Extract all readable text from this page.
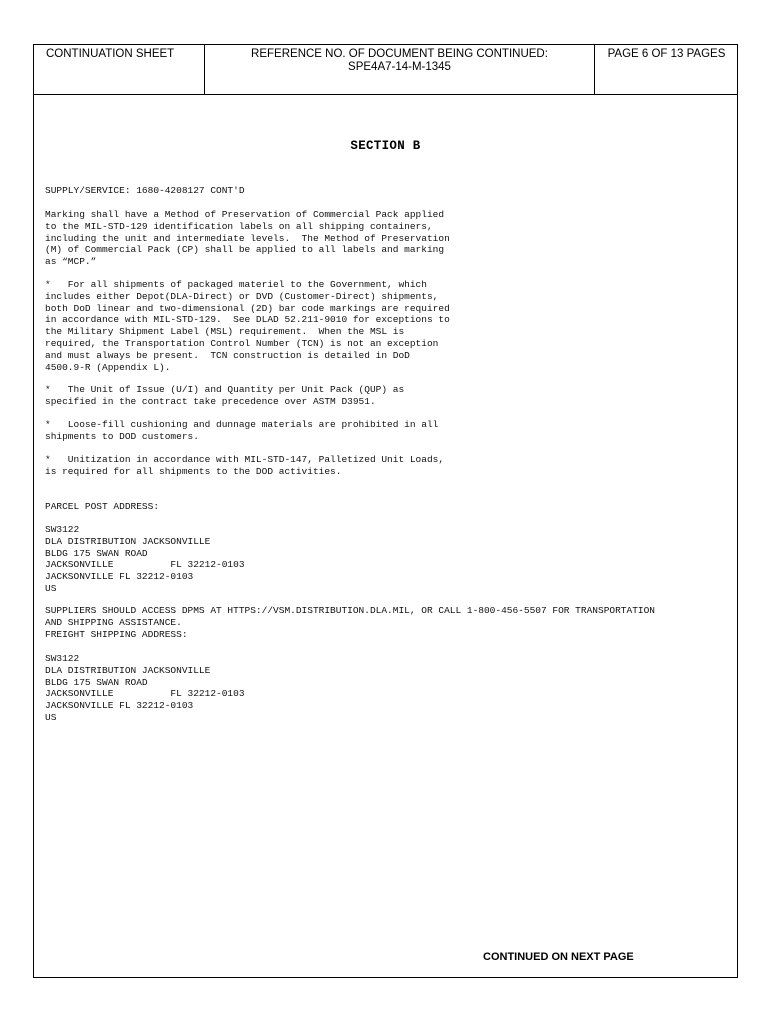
CONTINUATION SHEET	REFERENCE NO. OF DOCUMENT BEING CONTINUED:
SPE4A7-14-M-1345
PAGE 6 OF 13 PAGES
SECTION B
SUPPLY/SERVICE: 1680-4208127 CONT'D
Marking shall have a Method of Preservation of Commercial Pack applied
to the MIL-STD-129 identification labels on all shipping containers,
including the unit and intermediate levels.  The Method of Preservation
(M) of Commercial Pack (CP) shall be applied to all labels and marking
as “MCP.”
*   For all shipments of packaged materiel to the Government, which
includes either Depot(DLA-Direct) or DVD (Customer-Direct) shipments,
both DoD linear and two-dimensional (2D) bar code markings are required
in accordance with MIL-STD-129.  See DLAD 52.211-9010 for exceptions to
the Military Shipment Label (MSL) requirement.  When the MSL is
required, the Transportation Control Number (TCN) is not an exception
and must always be present.  TCN construction is detailed in DoD
4500.9-R (Appendix L).
*   The Unit of Issue (U/I) and Quantity per Unit Pack (QUP) as
specified in the contract take precedence over ASTM D3951.
*   Loose-fill cushioning and dunnage materials are prohibited in all
shipments to DOD customers.
*   Unitization in accordance with MIL-STD-147, Palletized Unit Loads,
is required for all shipments to the DOD activities.
PARCEL POST ADDRESS:
SW3122
DLA DISTRIBUTION JACKSONVILLE
BLDG 175 SWAN ROAD
JACKSONVILLE          FL 32212-0103
JACKSONVILLE FL 32212-0103
US
SUPPLIERS SHOULD ACCESS DPMS AT HTTPS://VSM.DISTRIBUTION.DLA.MIL, OR CALL 1-800-456-5507 FOR TRANSPORTATION
AND SHIPPING ASSISTANCE.
FREIGHT SHIPPING ADDRESS:
SW3122
DLA DISTRIBUTION JACKSONVILLE
BLDG 175 SWAN ROAD
JACKSONVILLE          FL 32212-0103
JACKSONVILLE FL 32212-0103
US
CONTINUED ON NEXT PAGE
